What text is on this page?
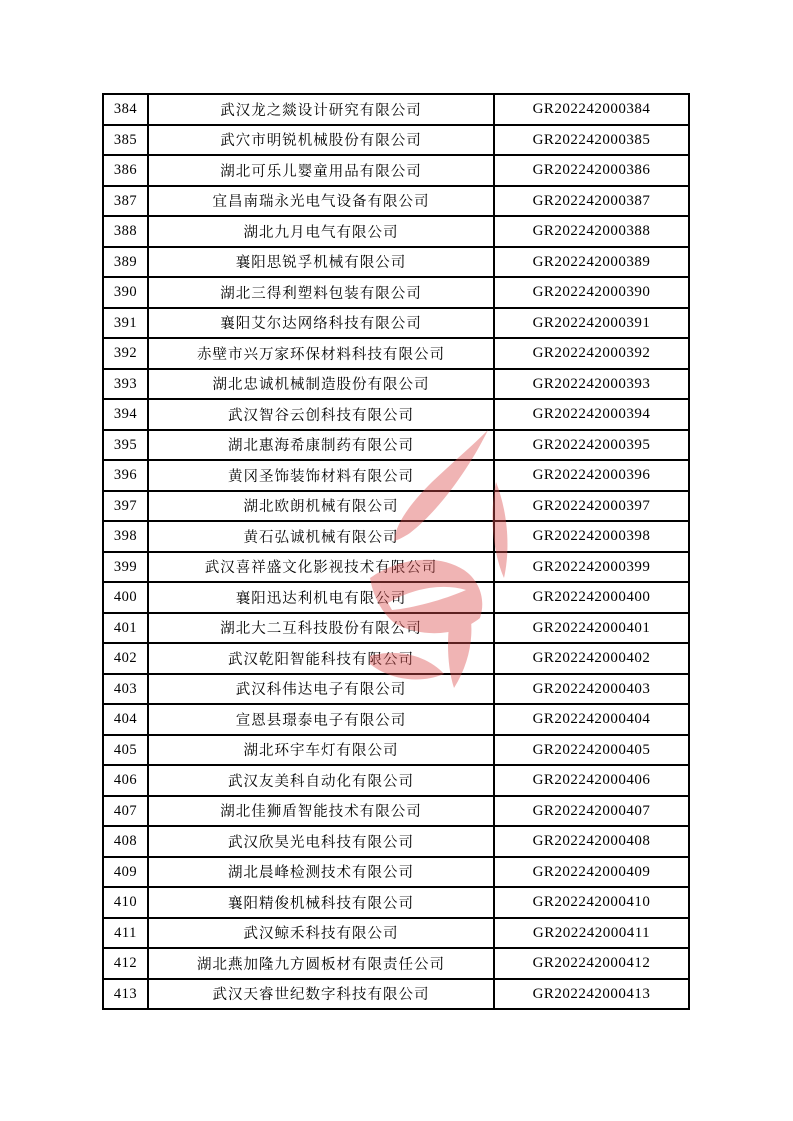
384	武汉龙之燚设计研究有限公司	GR202242000384
385	武穴市明锐机械股份有限公司	GR202242000385
386	湖北可乐儿婴童用品有限公司	GR202242000386
387	宜昌南瑞永光电气设备有限公司	GR202242000387
388	湖北九月电气有限公司	GR202242000388
389	襄阳思锐孚机械有限公司	GR202242000389
390	湖北三得利塑料包装有限公司	GR202242000390
391	襄阳艾尔达网络科技有限公司	GR202242000391
392	赤壁市兴万家环保材料科技有限公司	GR202242000392
393	湖北忠诚机械制造股份有限公司	GR202242000393
394	武汉智谷云创科技有限公司	GR202242000394
395	湖北惠海希康制药有限公司	GR202242000395
396	黄冈圣饰装饰材料有限公司	GR202242000396
397	湖北欧朗机械有限公司	GR202242000397
398	黄石弘诚机械有限公司	GR202242000398
399	武汉喜祥盛文化影视技术有限公司	GR202242000399
400	襄阳迅达利机电有限公司	GR202242000400
401	湖北大二互科技股份有限公司	GR202242000401
402	武汉乾阳智能科技有限公司	GR202242000402
403	武汉科伟达电子有限公司	GR202242000403
404	宣恩县璟泰电子有限公司	GR202242000404
405	湖北环宇车灯有限公司	GR202242000405
406	武汉友美科自动化有限公司	GR202242000406
407	湖北佳狮盾智能技术有限公司	GR202242000407
408	武汉欣昊光电科技有限公司	GR202242000408
409	湖北晨峰检测技术有限公司	GR202242000409
410	襄阳精俊机械科技有限公司	GR202242000410
411	武汉鲸禾科技有限公司	GR202242000411
412	湖北燕加隆九方圆板材有限责任公司	GR202242000412
413	武汉天睿世纪数字科技有限公司	GR202242000413
